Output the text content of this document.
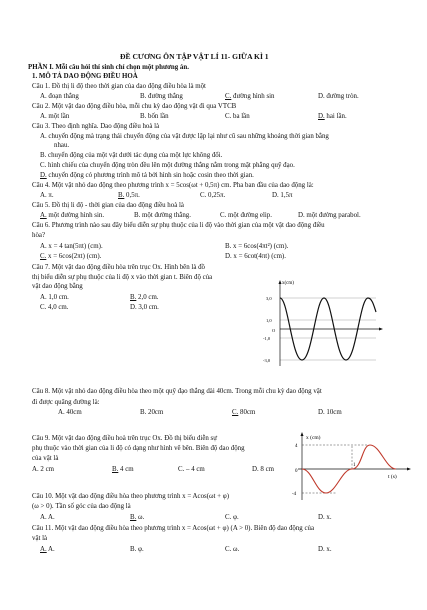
ĐỀ CƯƠNG ÔN TẬP VẬT LÍ 11- GIỮA KÌ 1
PHẦN I. Mỗi câu hỏi thí sinh chỉ chọn một phương án.
1. MÔ TẢ DAO ĐỘNG ĐIỀU HOÀ
Câu 1. Đồ thị li độ theo thời gian của dao động điều hòa là một
A. đoạn thẳng	B. đường thẳng	C. đường hình sin	D. đường tròn.
Câu 2. Một vật dao động điều hòa, mỗi chu kỳ dao động vật đi qua VTCB
A. một lần	B. bốn lần	C. ba lần	D. hai lần.
Câu 3. Theo định nghĩa. Dao động điều hoà là
A. chuyển động mà trạng thái chuyển động của vật được lặp lại như cũ sau những khoảng thời gian bằng
nhau.
B. chuyển động của một vật dưới tác dụng của một lực không đổi.
C. hình chiếu của chuyển động tròn đều lên một đường thẳng nằm trong mặt phẳng quỹ đạo.
D. chuyển động có phương trình mô tả bởi hình sin hoặc cosin theo thời gian.
Câu 4. Một vật nhỏ dao động theo phương trình x = 5cos(ωt + 0,5π) cm. Pha ban đầu của dao động là:
A. π.	B. 0,5π.	C. 0,25π.	D. 1,5π
Câu 5. Đồ thị li độ - thời gian của dao động điều hoà là
A. một đường hình sin.	B. một đường thẳng.	C. một đường elip.	D. một đường parabol.
Câu 6. Phương trình nào sau đây biểu diễn sự phụ thuộc của li độ vào thời gian của một vật dao động điều
hòa?
A. x = 4 tan(5πt) (cm).	B. x = 6cos(4πt²) (cm).
C. x = 6cos(2πt) (cm).	D. x = 6cot(4πt) (cm).
Câu 7. Một vật dao động điều hòa trên trục Ox. Hình bên là đồ
thị biểu diễn sự phụ thuộc của li độ x vào thời gian t. Biên độ của
vật dao động bằng
A. 1,0 cm.	B. 2,0 cm.
C. 4,0 cm.	D. 3,0 cm.
x(cm)
3,0
1,0
O
-1,0
-3,0
Câu 8. Một vật nhỏ dao động điều hòa theo một quỹ đạo thẳng dài 40cm. Trong mỗi chu kỳ dao động vật
đi được quãng đường là:
A. 40cm	B. 20cm	C. 80cm	D. 10cm
Câu 9. Một vật dao động điều hoà trên trục Ox. Đồ thị biểu diễn sự
phụ thuộc vào thời gian của li độ có dạng như hình vẽ bên. Biên độ dao động
của vật là
A. 2 cm	B. 4 cm	C. – 4 cm	D. 8 cm
x (cm)
t (s)
4
0
1
-4
Câu 10. Một vật dao động điều hòa theo phương trình x = Acos(ωt + φ)
(ω > 0). Tần số góc của dao động là
A. A.	B. ω.	C. φ.	D. x.
Câu 11. Một vật dao động điều hòa theo phương trình x = Acos(ωt + φ) (A > 0). Biên độ dao động của
vật là
A. A.	B. φ.	C. ω.	D. x.
